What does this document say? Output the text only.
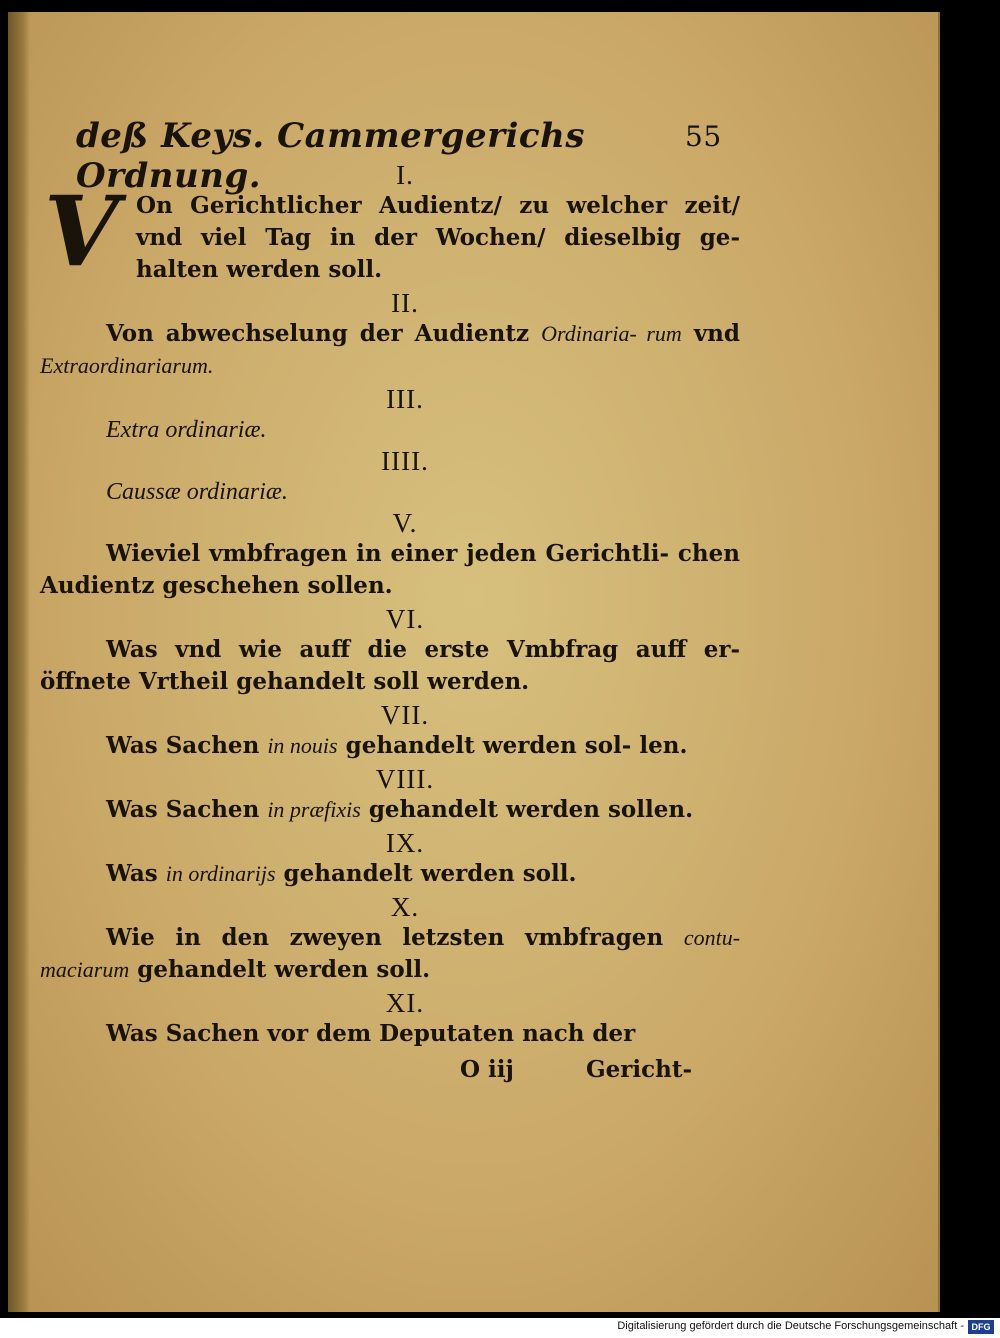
deß Keys. Cammergerichs Ordnung.
55
I.
V On Gerichtlicher Audientz/ zu welcher zeit/ vnd viel Tag in der Wochen/ dieselbig ge- halten werden soll.
II.
Von abwechselung der Audientz Ordinaria- rum vnd Extraordinariarum.
III.
Extra ordinariæ.
IIII.
Caussæ ordinariæ.
V.
Wieviel vmbfragen in einer jeden Gerichtli- chen Audientz geschehen sollen.
VI.
Was vnd wie auff die erste Vmbfrag auff er- öffnete Vrtheil gehandelt soll werden.
VII.
Was Sachen in nouis gehandelt werden sol- len.
VIII.
Was Sachen in præfixis gehandelt werden sollen.
IX.
Was in ordinarijs gehandelt werden soll.
X.
Wie in den zweyen letzsten vmbfragen contu- maciarum gehandelt werden soll.
XI.
Was Sachen vor dem Deputaten nach der
O iij	Gericht-
Digitalisierung gefördert durch die Deutsche Forschungsgemeinschaft - DFG
